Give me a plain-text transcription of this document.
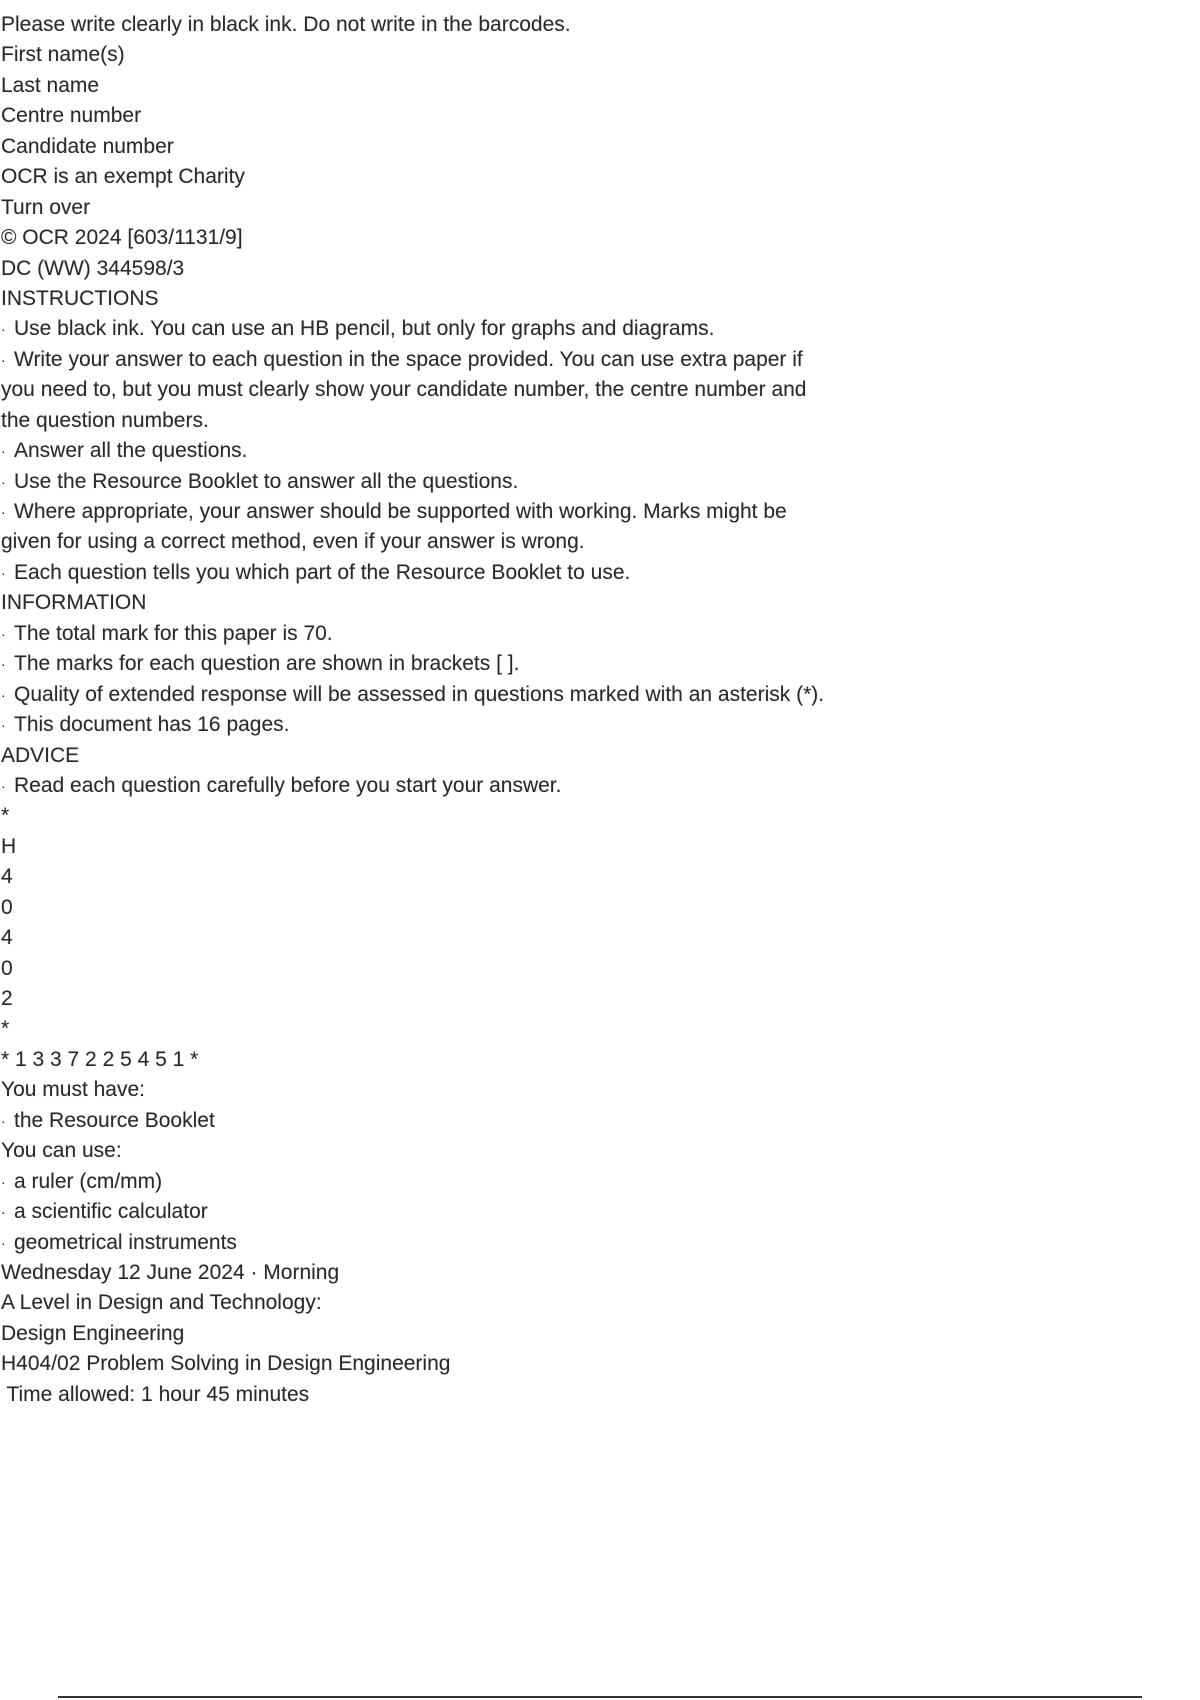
Please write clearly in black ink. Do not write in the barcodes.

First name(s)

Last name

Centre number

Candidate number

OCR is an exempt Charity

Turn over

© OCR 2024 [603/1131/9]

DC (WW) 344598/3

INSTRUCTIONS

· Use black ink. You can use an HB pencil, but only for graphs and diagrams.

· Write your answer to each question in the space provided. You can use extra paper if

you need to, but you must clearly show your candidate number, the centre number and

the question numbers.

· Answer all the questions.

· Use the Resource Booklet to answer all the questions.

· Where appropriate, your answer should be supported with working. Marks might be

given for using a correct method, even if your answer is wrong.

· Each question tells you which part of the Resource Booklet to use.

INFORMATION

· The total mark for this paper is 70.

· The marks for each question are shown in brackets [ ].

· Quality of extended response will be assessed in questions marked with an asterisk (*).

· This document has 16 pages.

ADVICE

· Read each question carefully before you start your answer.

*

H

4

0

4

0

2

*

* 1 3 3 7 2 2 5 4 5 1 *

You must have:

· the Resource Booklet

You can use:

· a ruler (cm/mm)

· a scientific calculator

· geometrical instruments

Wednesday 12 June 2024 · Morning

A Level in Design and Technology:

Design Engineering

H404/02 Problem Solving in Design Engineering

Time allowed: 1 hour 45 minutes
